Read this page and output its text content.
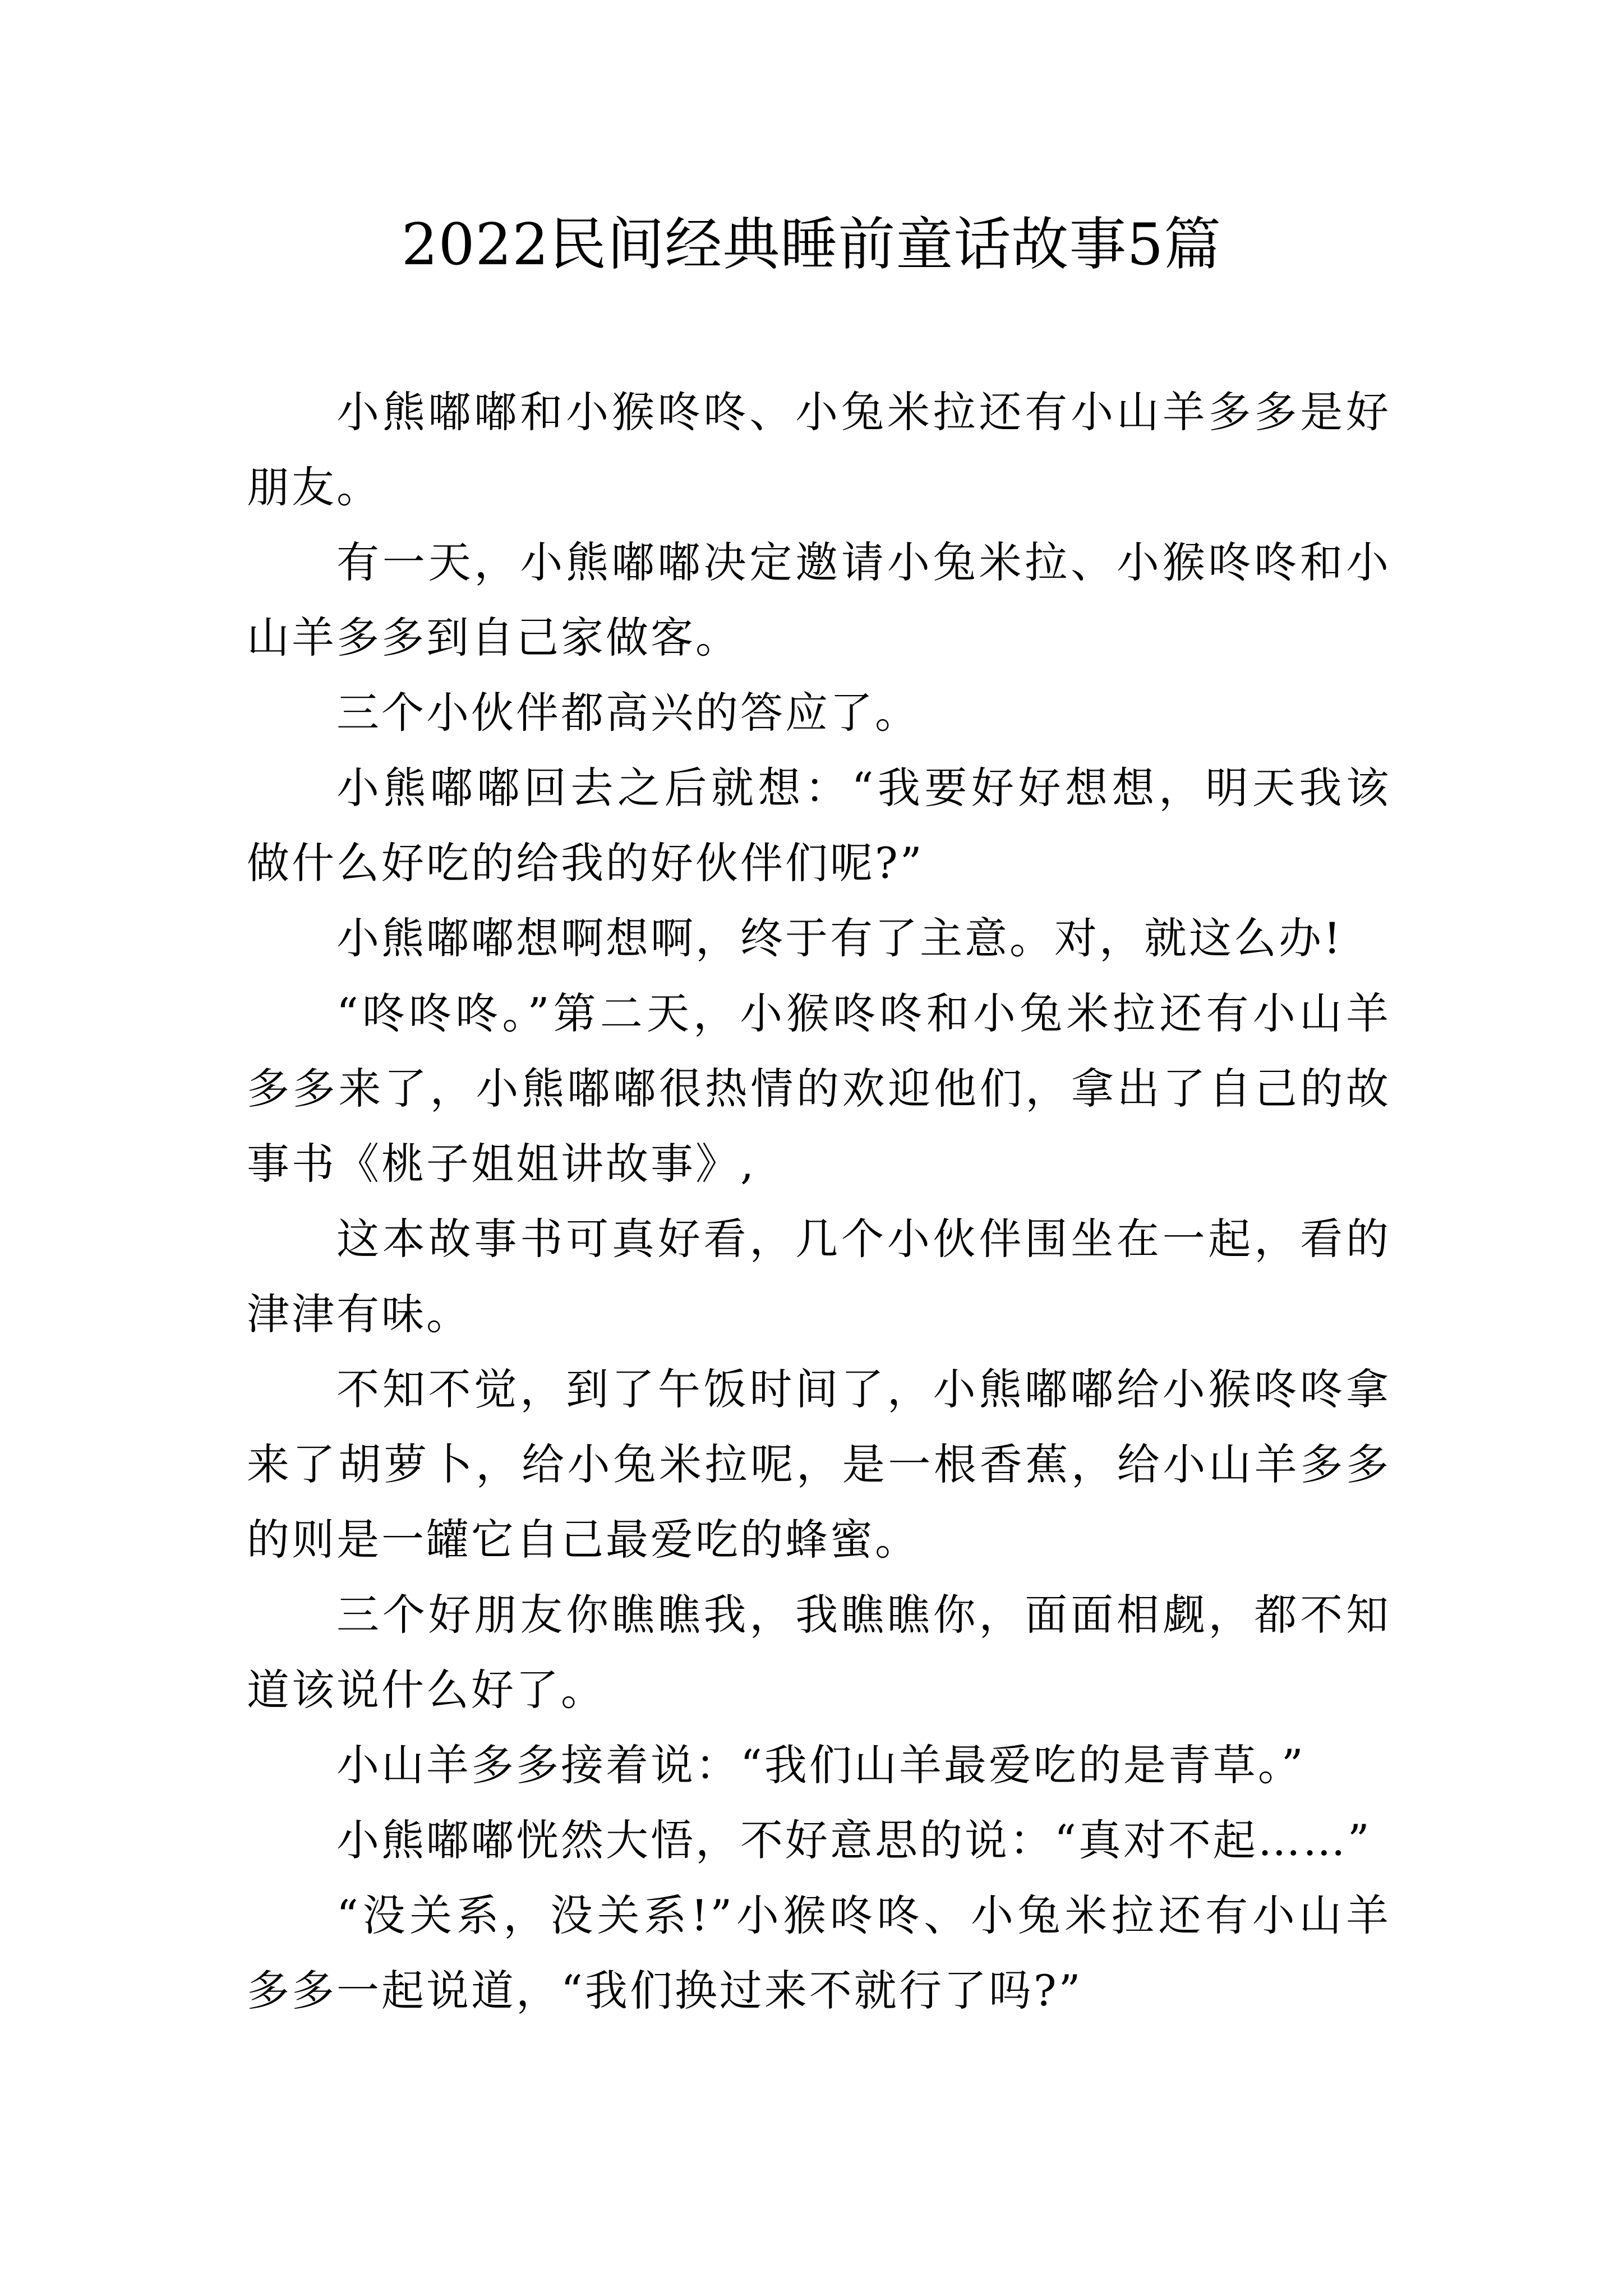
2022民间经典睡前童话故事5篇

小熊嘟嘟和小猴咚咚、小兔米拉还有小山羊多多是好朋友。

有一天，小熊嘟嘟决定邀请小兔米拉、小猴咚咚和小山羊多多到自己家做客。

三个小伙伴都高兴的答应了。

小熊嘟嘟回去之后就想：“我要好好想想，明天我该做什么好吃的给我的好伙伴们呢?”

小熊嘟嘟想啊想啊，终于有了主意。对，就这么办!

“咚咚咚。”第二天，小猴咚咚和小兔米拉还有小山羊多多来了，小熊嘟嘟很热情的欢迎他们，拿出了自己的故事书《桃子姐姐讲故事》,

这本故事书可真好看，几个小伙伴围坐在一起，看的津津有味。

不知不觉，到了午饭时间了，小熊嘟嘟给小猴咚咚拿来了胡萝卜，给小兔米拉呢，是一根香蕉，给小山羊多多的则是一罐它自己最爱吃的蜂蜜。

三个好朋友你瞧瞧我，我瞧瞧你，面面相觑，都不知道该说什么好了。

小山羊多多接着说：“我们山羊最爱吃的是青草。”

小熊嘟嘟恍然大悟，不好意思的说：“真对不起……”

“没关系，没关系!”小猴咚咚、小兔米拉还有小山羊多多一起说道，“我们换过来不就行了吗?”
